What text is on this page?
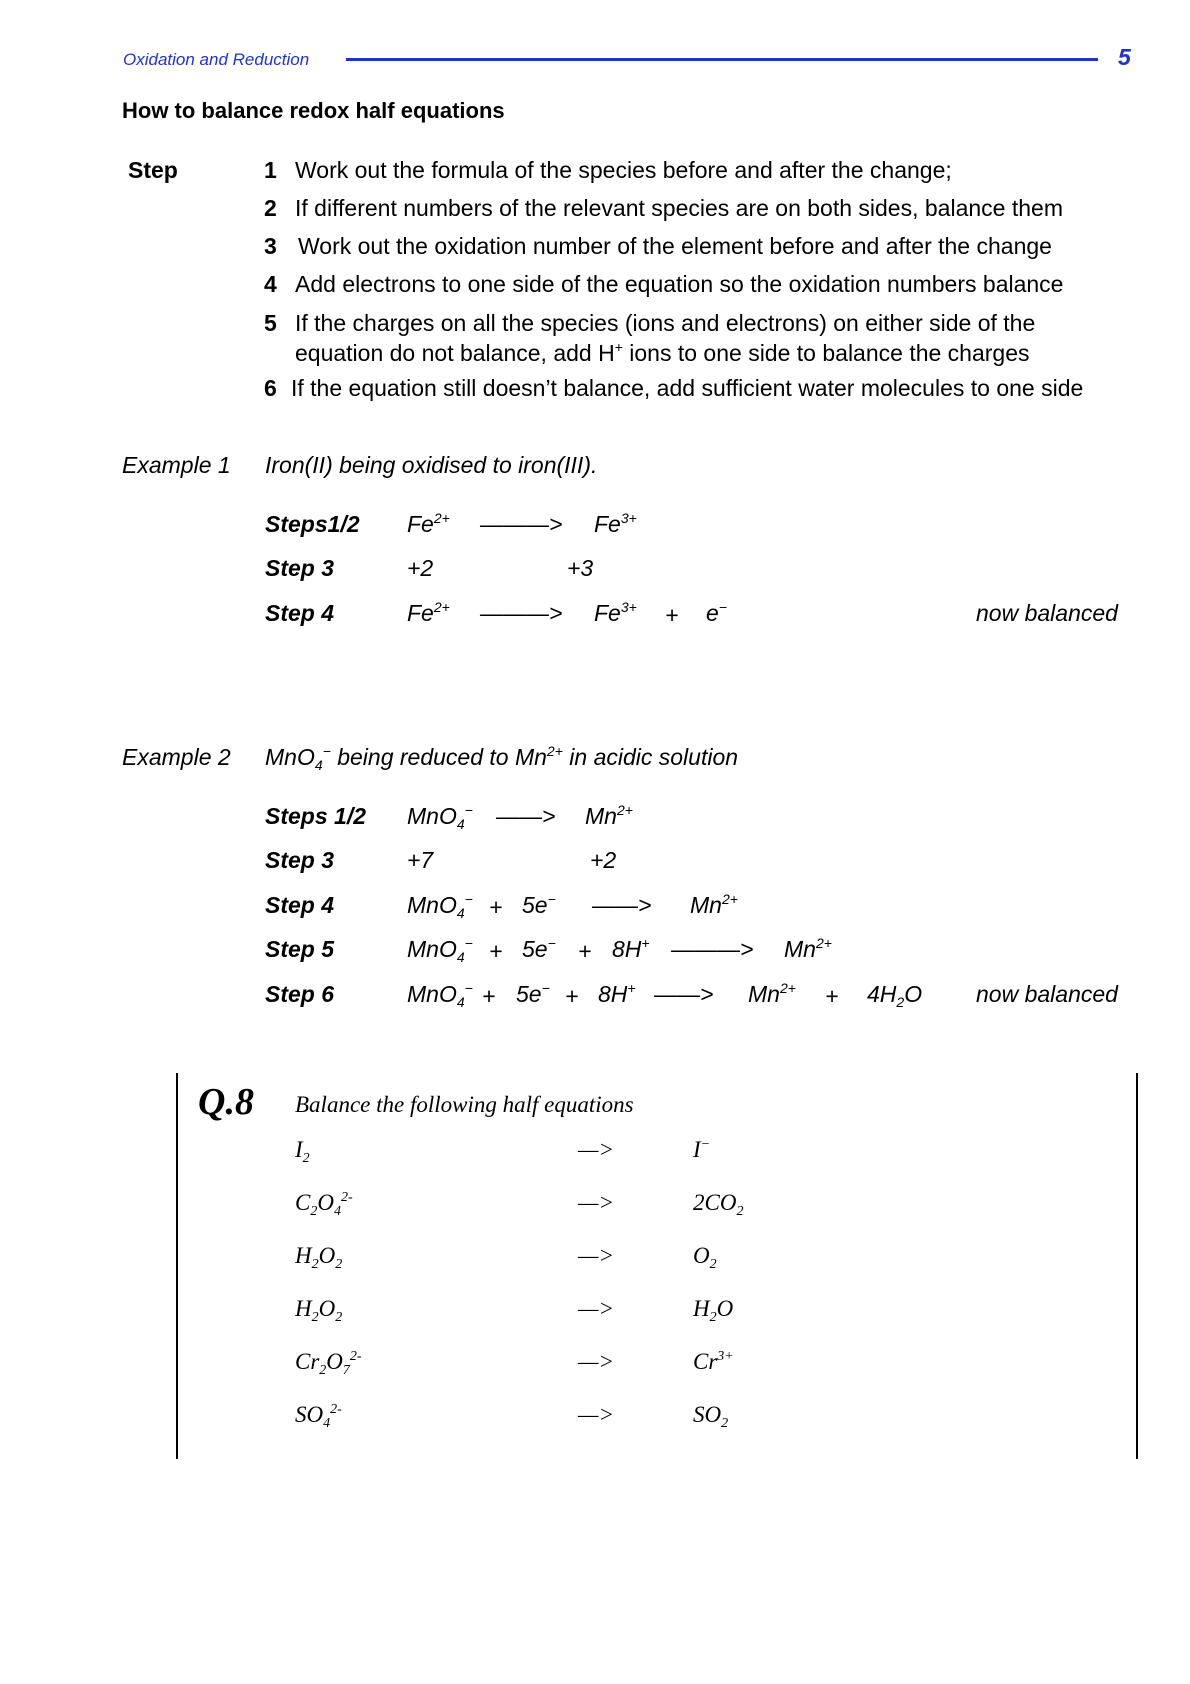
Oxidation and Reduction	5
How to balance redox half equations
Step	1 Work out the formula of the species before and after the change;
2 If different numbers of the relevant species are on both sides, balance them
3 Work out the oxidation number of the element before and after the change
4 Add electrons to one side of the equation so the oxidation numbers balance
5 If the charges on all the species (ions and electrons) on either side of the
equation do not balance, add H+ ions to one side to balance the charges
6 If the equation still doesn’t balance, add sufficient water molecules to one side
Example 1 Iron(II) being oxidised to iron(III).
Steps1/2 $Fe^{2+}$ ———> $Fe^{3+}$
Step 3	+2	+3
Step 4	$Fe^{2+}$ ———> $Fe^{3+} + e^-$	now balanced
Example 2 MnO$_4$− being reduced to $Mn^{2+}$ in acidic solution
Steps 1/2 MnO$_4$− ——> $Mn^{2+}$
Step 3	+7	+2
Step 4	MnO$_4$− + 5e− ——> $Mn^{2+}$
Step 5	MnO$_4$− + 5e− + 8H+ ———> $Mn^{2+}$
Step 6	MnO$_4$− + 5e− + 8H+ ——> $Mn^{2+} + 4H_2O$ now balanced
Q.8 Balance the following half equations
$I_2$	—>	I−
$C_2O_4^{2-}$	—>	$2CO_2$
$H_2O_2$	—>	$O_2$
$H_2O_2$	—>	$H_2O$
$Cr_2O_7^{2-}$	—>	$Cr^{3+}$
$SO_4^{2-}$	—>	$SO_2$
